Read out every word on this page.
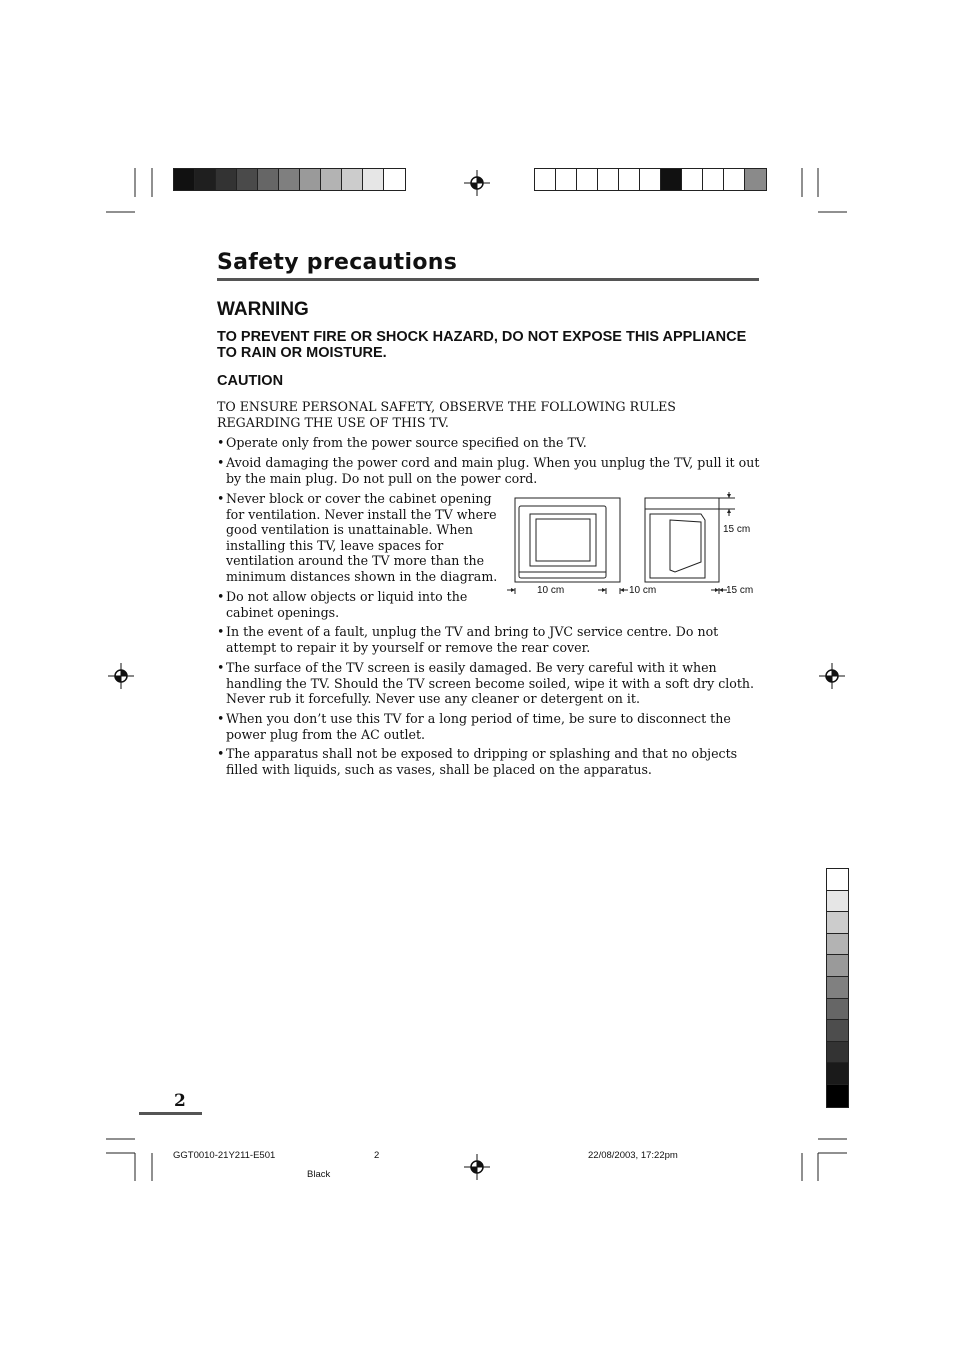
Safety precautions
WARNING
TO PREVENT FIRE OR SHOCK HAZARD, DO NOT EXPOSE THIS APPLIANCE TO RAIN OR MOISTURE.
CAUTION
TO ENSURE PERSONAL SAFETY, OBSERVE THE FOLLOWING RULES REGARDING THE USE OF THIS TV.
• Operate only from the power source specified on the TV.
• Avoid damaging the power cord and main plug. When you unplug the TV, pull it out by the main plug. Do not pull on the power cord.
• Never block or cover the cabinet opening for ventilation. Never install the TV where good ventilation is unattainable. When installing this TV, leave spaces for ventilation around the TV more than the minimum distances shown in the diagram.
• Do not allow objects or liquid into the cabinet openings.
• In the event of a fault, unplug the TV and bring to JVC service centre. Do not attempt to repair it by yourself or remove the rear cover.
• The surface of the TV screen is easily damaged. Be very careful with it when handling the TV. Should the TV screen become soiled, wipe it with a soft dry cloth. Never rub it forcefully. Never use any cleaner or detergent on it.
• When you don’t use this TV for a long period of time, be sure to disconnect the power plug from the AC outlet.
• The apparatus shall not be exposed to dripping or splashing and that no objects filled with liquids, such as vases, shall be placed on the apparatus.
15 cm
10 cm	10 cm	15 cm
2
GGT0010-21Y211-E501	2	22/08/2003, 17:22pm
Black
